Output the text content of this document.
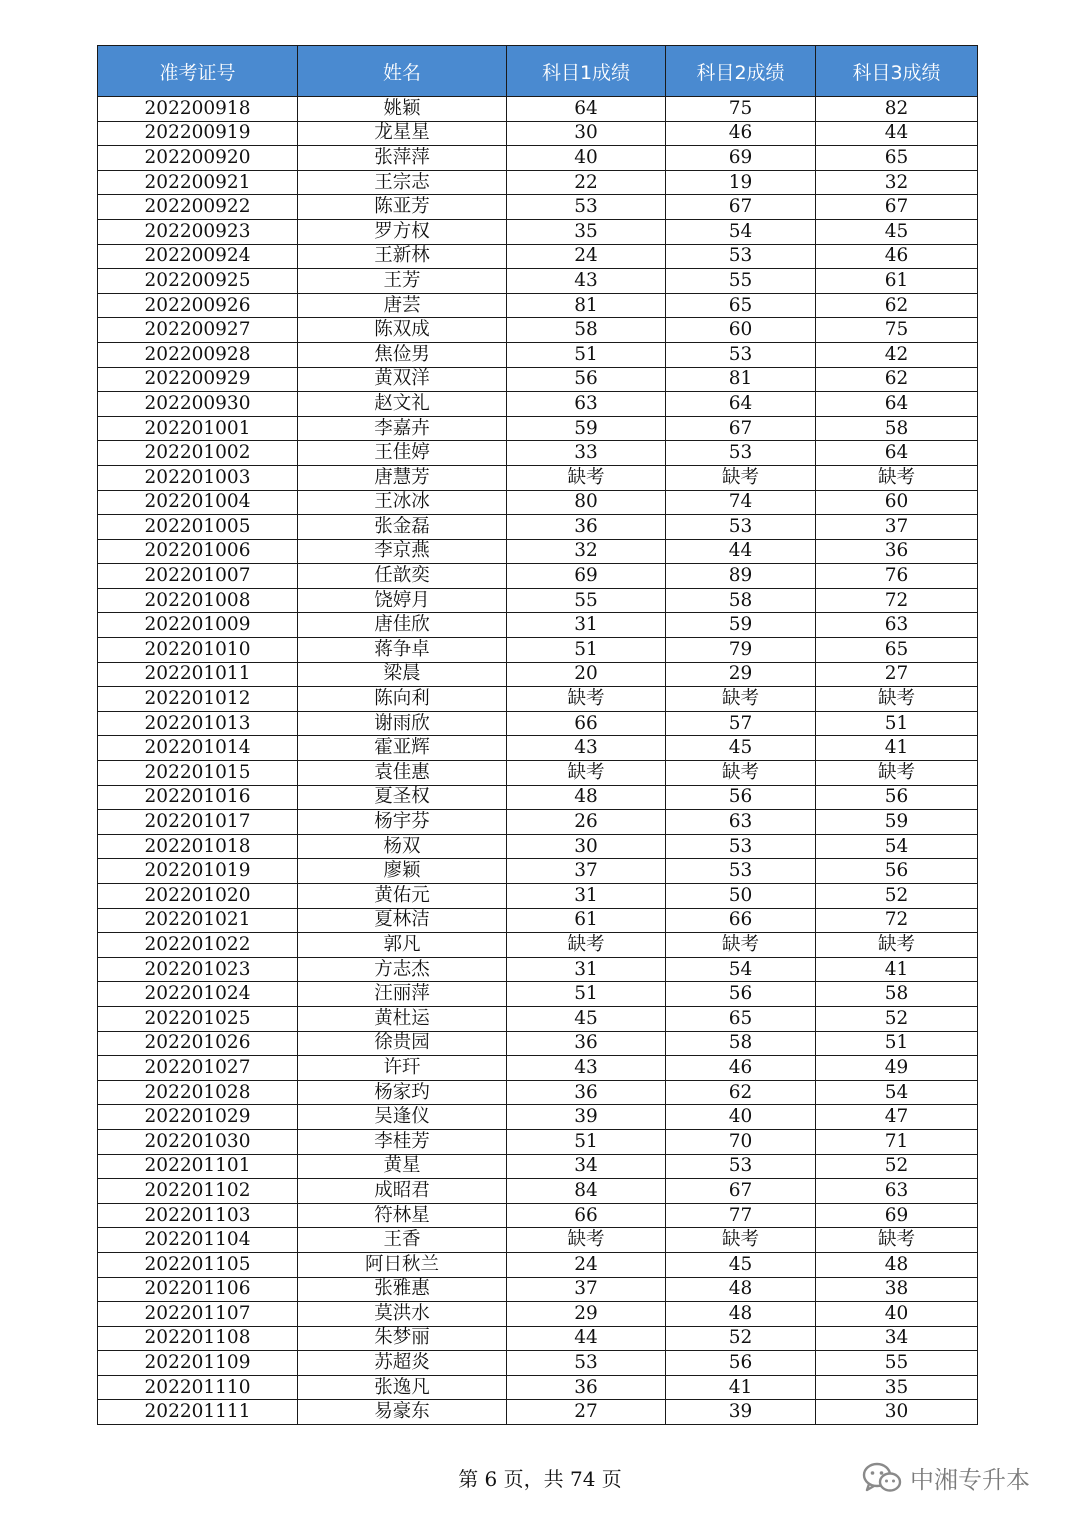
准考证号	姓名	科目1成绩	科目2成绩	科目3成绩
202200918	姚颖	64	75	82
202200919	龙星星	30	46	44
202200920	张萍萍	40	69	65
202200921	王宗志	22	19	32
202200922	陈亚芳	53	67	67
202200923	罗方权	35	54	45
202200924	王新林	24	53	46
202200925	王芳	43	55	61
202200926	唐芸	81	65	62
202200927	陈双成	58	60	75
202200928	焦俭男	51	53	42
202200929	黄双洋	56	81	62
202200930	赵文礼	63	64	64
202201001	李嘉卉	59	67	58
202201002	王佳婷	33	53	64
202201003	唐慧芳	缺考	缺考	缺考
202201004	王冰冰	80	74	60
202201005	张金磊	36	53	37
202201006	李京燕	32	44	36
202201007	任歆奕	69	89	76
202201008	饶婷月	55	58	72
202201009	唐佳欣	31	59	63
202201010	蒋争卓	51	79	65
202201011	梁晨	20	29	27
202201012	陈向利	缺考	缺考	缺考
202201013	谢雨欣	66	57	51
202201014	霍亚辉	43	45	41
202201015	袁佳惠	缺考	缺考	缺考
202201016	夏圣权	48	56	56
202201017	杨宇芬	26	63	59
202201018	杨双	30	53	54
202201019	廖颖	37	53	56
202201020	黄佑元	31	50	52
202201021	夏林洁	61	66	72
202201022	郭凡	缺考	缺考	缺考
202201023	方志杰	31	54	41
202201024	汪丽萍	51	56	58
202201025	黄杜运	45	65	52
202201026	徐贵园	36	58	51
202201027	许玕	43	46	49
202201028	杨家玓	36	62	54
202201029	吴逢仪	39	40	47
202201030	李桂芳	51	70	71
202201101	黄星	34	53	52
202201102	成昭君	84	67	63
202201103	符林星	66	77	69
202201104	王香	缺考	缺考	缺考
202201105	阿日秋兰	24	45	48
202201106	张雅惠	37	48	38
202201107	莫洪水	29	48	40
202201108	朱梦丽	44	52	34
202201109	苏超炎	53	56	55
202201110	张逸凡	36	41	35
202201111	易豪东	27	39	30
第 6 页，共 74 页	中湘专升本
